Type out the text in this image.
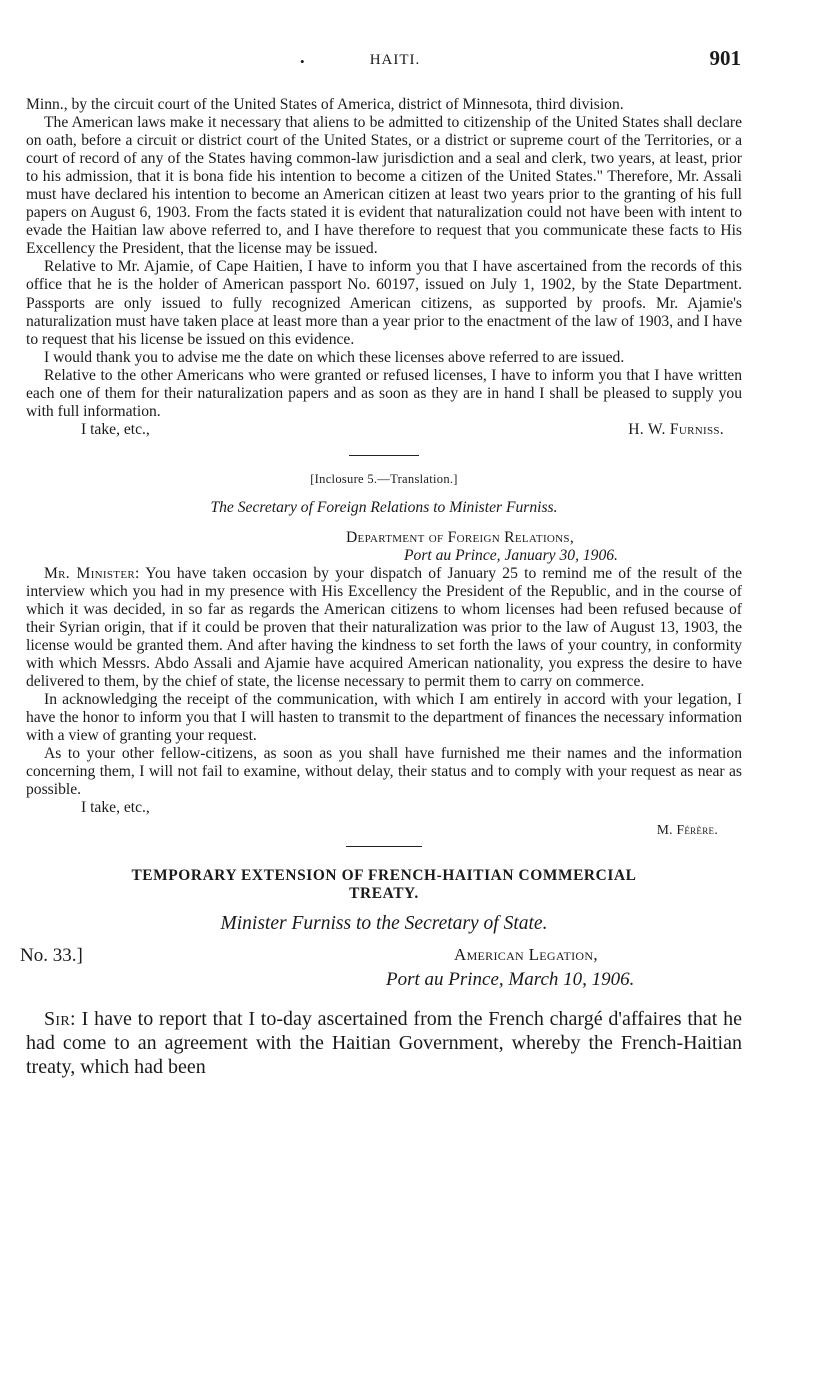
•	HAITI.	901

Minn., by the circuit court of the United States of America, district of Minnesota, third division.

The American laws make it necessary that aliens to be admitted to citizenship of the United States shall declare on oath, before a circuit or district court of the United States, or a district or supreme court of the Territories, or a court of record of any of the States having common-law jurisdiction and a seal and clerk, two years, at least, prior to his admission, that it is bona fide his intention to become a citizen of the United States." Therefore, Mr. Assali must have declared his intention to become an American citizen at least two years prior to the granting of his full papers on August 6, 1903. From the facts stated it is evident that naturalization could not have been with intent to evade the Haitian law above referred to, and I have therefore to request that you communicate these facts to His Excellency the President, that the license may be issued.

Relative to Mr. Ajamie, of Cape Haitien, I have to inform you that I have ascertained from the records of this office that he is the holder of American passport No. 60197, issued on July 1, 1902, by the State Department. Passports are only issued to fully recognized American citizens, as supported by proofs. Mr. Ajamie's naturalization must have taken place at least more than a year prior to the enactment of the law of 1903, and I have to request that his license be issued on this evidence.

I would thank you to advise me the date on which these licenses above referred to are issued.

Relative to the other Americans who were granted or refused licenses, I have to inform you that I have written each one of them for their naturalization papers and as soon as they are in hand I shall be pleased to supply you with full information.

I take, etc.,	H. W. Furniss.
[Inclosure 5.—Translation.]
The Secretary of Foreign Relations to Minister Furniss.
Department of Foreign Relations,
Port au Prince, January 30, 1906.

Mr. Minister: You have taken occasion by your dispatch of January 25 to remind me of the result of the interview which you had in my presence with His Excellency the President of the Republic, and in the course of which it was decided, in so far as regards the American citizens to whom licenses had been refused because of their Syrian origin, that if it could be proven that their naturalization was prior to the law of August 13, 1903, the license would be granted them. And after having the kindness to set forth the laws of your country, in conformity with which Messrs. Abdo Assali and Ajamie have acquired American nationality, you express the desire to have delivered to them, by the chief of state, the license necessary to permit them to carry on commerce.

In acknowledging the receipt of the communication, with which I am entirely in accord with your legation, I have the honor to inform you that I will hasten to transmit to the department of finances the necessary information with a view of granting your request.

As to your other fellow-citizens, as soon as you shall have furnished me their names and the information concerning them, I will not fail to examine, without delay, their status and to comply with your request as near as possible.

I take, etc.,

M. Férère.
TEMPORARY EXTENSION OF FRENCH-HAITIAN COMMERCIAL
TREATY.
Minister Furniss to the Secretary of State.
No. 33.]	American Legation,
Port au Prince, March 10, 1906.

Sir: I have to report that I to-day ascertained from the French chargé d'affaires that he had come to an agreement with the Haitian Government, whereby the French-Haitian treaty, which had been
